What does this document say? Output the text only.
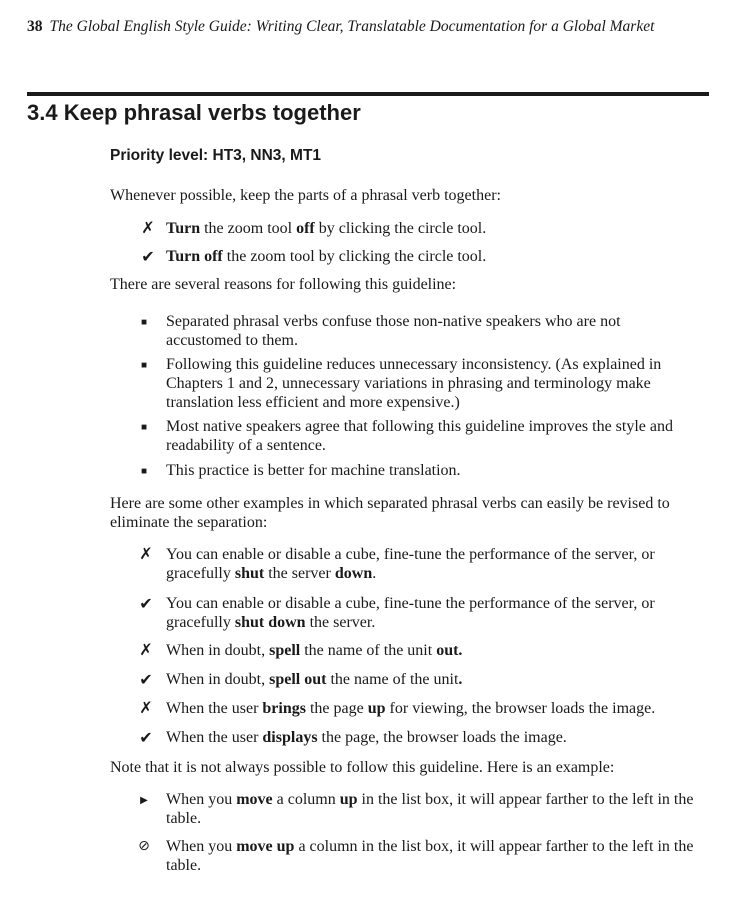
38 The Global English Style Guide: Writing Clear, Translatable Documentation for a Global Market
3.4 Keep phrasal verbs together
Priority level: HT3, NN3, MT1

Whenever possible, keep the parts of a phrasal verb together:

✗ Turn the zoom tool off by clicking the circle tool.
✔ Turn off the zoom tool by clicking the circle tool.

There are several reasons for following this guideline:

■	Separated phrasal verbs confuse those non-native speakers who are not accustomed to them.
■	Following this guideline reduces unnecessary inconsistency. (As explained in Chapters 1 and 2, unnecessary variations in phrasing and terminology make translation less efficient and more expensive.)
■	Most native speakers agree that following this guideline improves the style and readability of a sentence.
■	This practice is better for machine translation.

Here are some other examples in which separated phrasal verbs can easily be revised to eliminate the separation:

✗ You can enable or disable a cube, fine-tune the performance of the server, or gracefully shut the server down.
✔ You can enable or disable a cube, fine-tune the performance of the server, or gracefully shut down the server.
✗ When in doubt, spell the name of the unit out.
✔ When in doubt, spell out the name of the unit.
✗ When the user brings the page up for viewing, the browser loads the image.
✔ When the user displays the page, the browser loads the image.

Note that it is not always possible to follow this guideline. Here is an example:

▶	When you move a column up in the list box, it will appear farther to the left in the table.
⊘ When you move up a column in the list box, it will appear farther to the left in the table.
